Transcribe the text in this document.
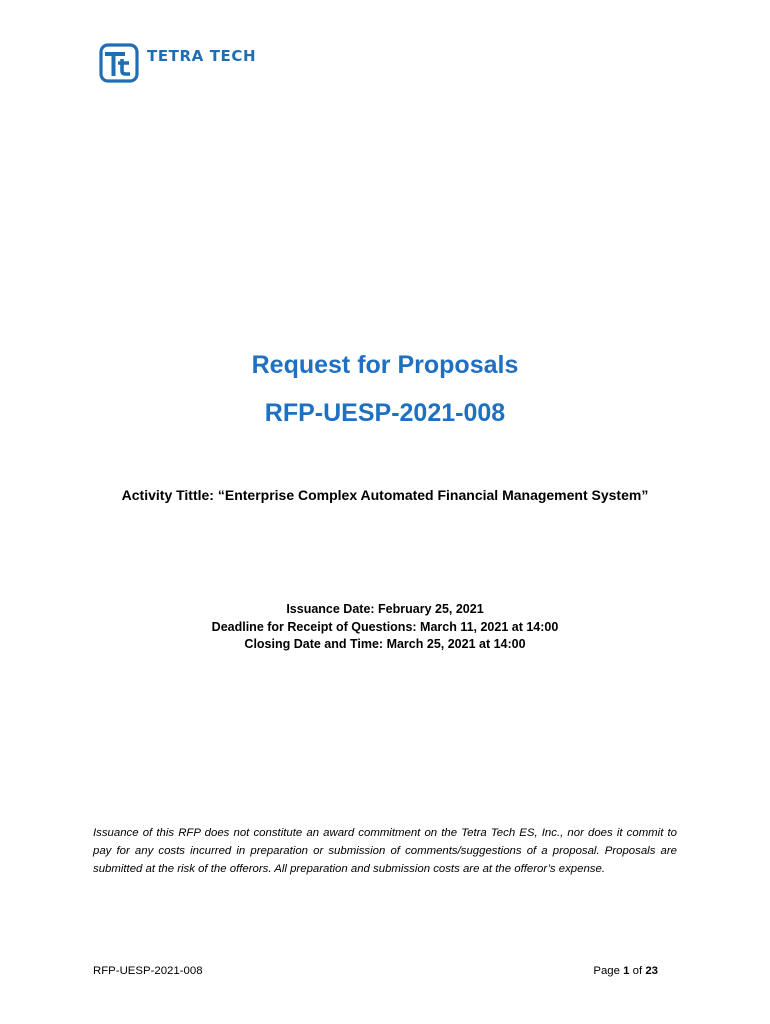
TETRA TECH
Request for Proposals
RFP-UESP-2021-008
Activity Tittle: “Enterprise Complex Automated Financial Management System”
Issuance Date: February 25, 2021
Deadline for Receipt of Questions: March 11, 2021 at 14:00
Closing Date and Time: March 25, 2021 at 14:00
Issuance of this RFP does not constitute an award commitment on the Tetra Tech ES, Inc., nor does it commit to pay for any costs incurred in preparation or submission of comments/suggestions of a proposal. Proposals are submitted at the risk of the offerors. All preparation and submission costs are at the offeror’s expense.
RFP-UESP-2021-008	Page 1 of 23
